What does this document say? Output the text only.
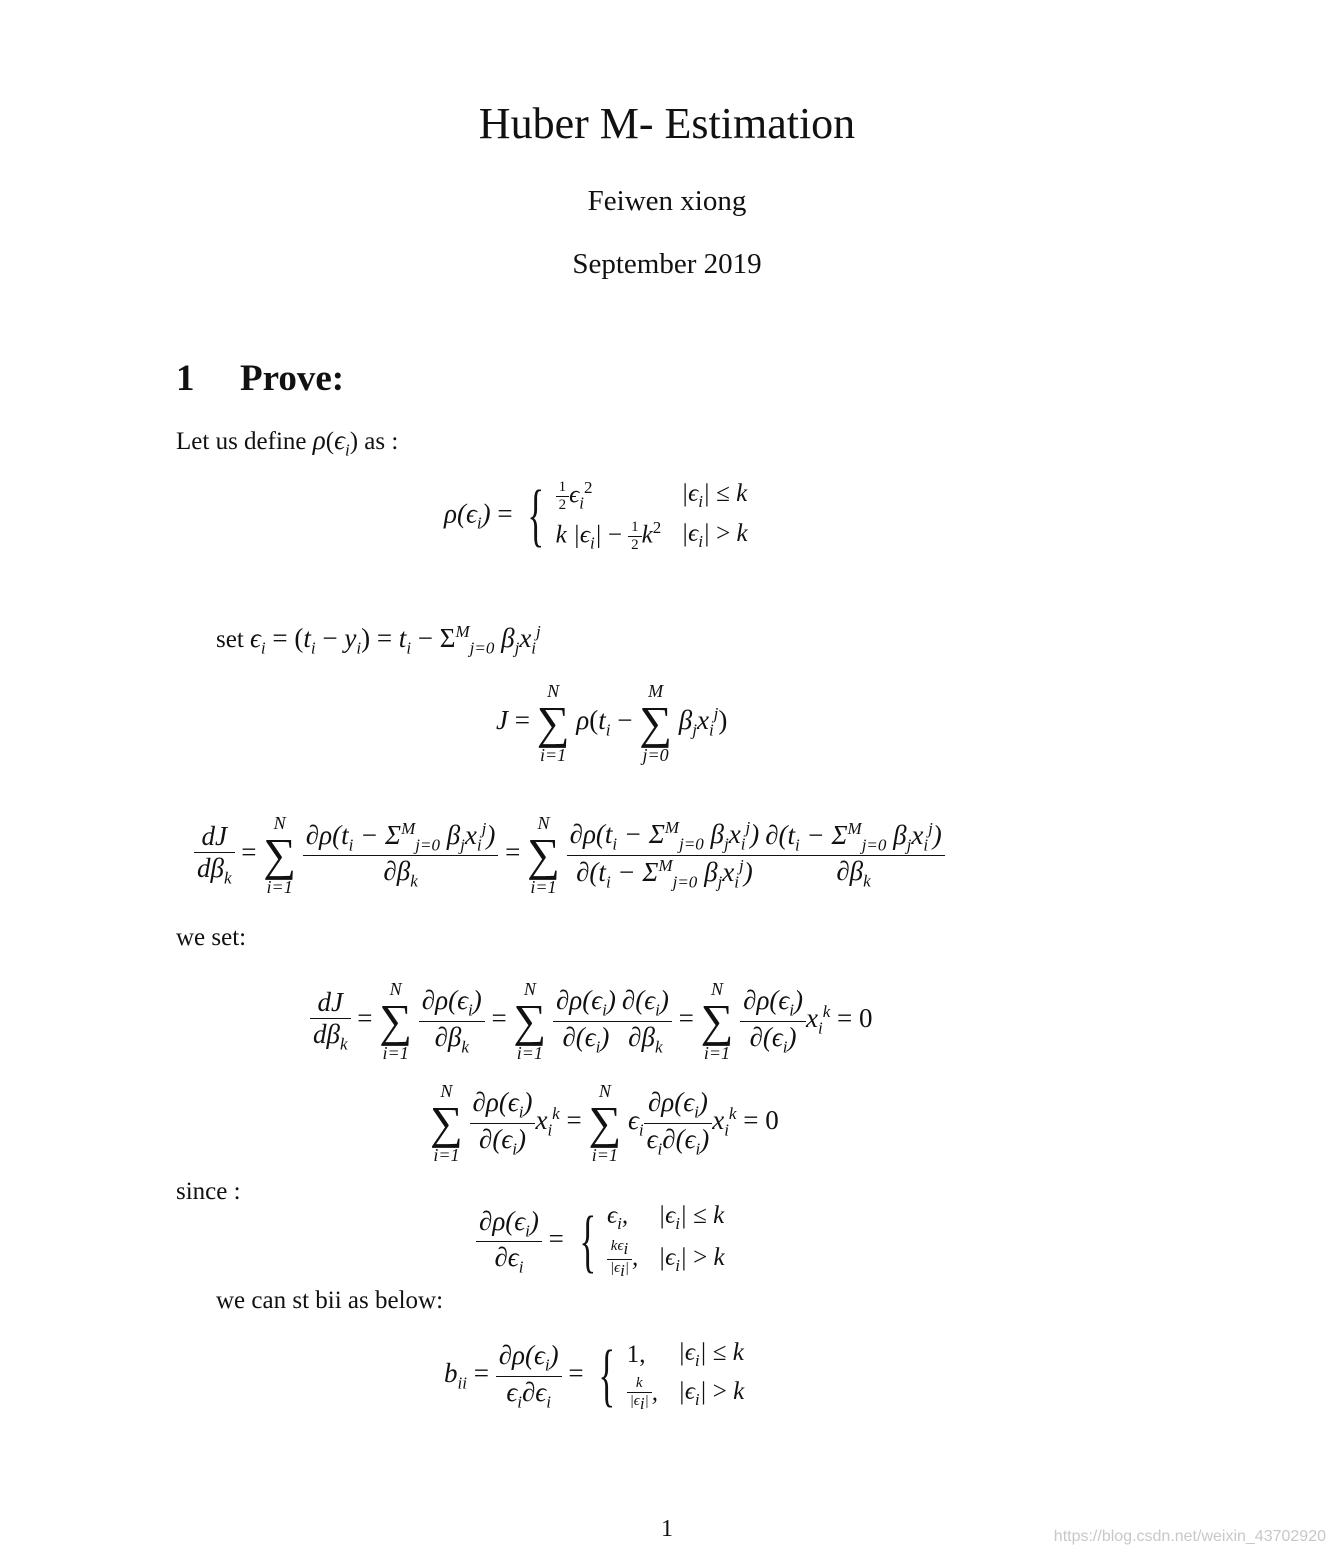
Huber M- Estimation
Feiwen xiong
September 2019
1 Prove:
Let us define $\rho(\epsilon_i)$ as :
$\rho(\epsilon_i)$ = { $\frac{1}{2} \epsilon_i^2$	$|\epsilon_i| \le k$
k $|\epsilon_i| - \frac{1}{2} k^2$	$|\epsilon_i| > k$
set $\epsilon_i = (t_i - y_i) = t_i - \Sigma^M_{j=0}$ $\beta_jx_i^j$
J =
N
∑
i=1
$\rho(t_i$ −
M
∑
j=0
$\beta_jx_i^j$)
$\frac{dJ}{d\beta_k}$ =
N
∑
i=1
$\frac{\partial\rho(t_i - \Sigma^M_{j=0} \beta_jx_i^j)}{\partial\beta_k}$ =
N
∑
i=1
$\frac{\partial\rho(t_i - \Sigma^M_{j=0} \beta_jx_i^j)}{\partial(t_i - \Sigma^M_{j=0} \beta_jx_i^j)} \frac{\partial(t_i - \Sigma^M_{j=0} \beta_jx_i^j)}{\partial\beta_k}$
we set:
$\frac{dJ}{d\beta_k}$ =
N
∑
i=1
$\frac{\partial\rho(\epsilon_i)}{\partial\beta_k}$ =
N
∑
i=1
$\frac{\partial\rho(\epsilon_i)}{\partial(\epsilon_i)} \frac{\partial(\epsilon_i)}{\partial\beta_k}$ =
N
∑
i=1
$\frac{\partial\rho(\epsilon_i)}{\partial(\epsilon_i)} x_i^k = 0$
N
∑
i=1
$\frac{\partial\rho(\epsilon_i)}{\partial(\epsilon_i)} x_i^k$ =
N
∑
i=1
$\epsilon_i \frac{\partial\rho(\epsilon_i)}{\epsilon_i\partial(\epsilon_i)} x_i^k = 0$
since :
$\frac{\partial\rho(\epsilon_i)}{\partial\epsilon_i}$ = { $\epsilon_i$,	$|\epsilon_i| \le k$

$\frac{k\epsilon_i}{|\epsilon_i|}$ ,	$|\epsilon_i| > k$
we can st bii as below:
$b_{ii} = \frac{\partial\rho(\epsilon_i)}{\epsilon_i\partial\epsilon_i}$ = { 1,	$|\epsilon_i| \le k$

$\frac{k}{|\epsilon_i|}$ ,	$|\epsilon_i| > k$
1	https://blog.csdn.net/weixin_43702920
